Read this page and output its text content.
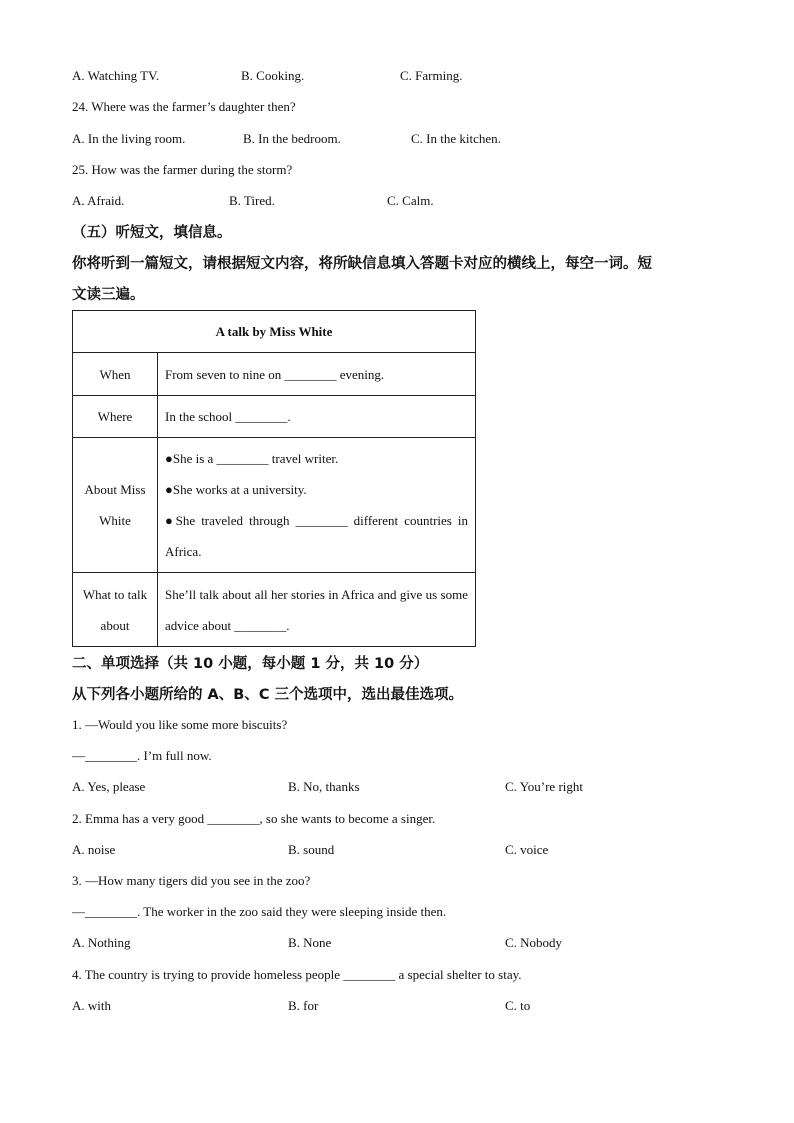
A. Watching TV.	B. Cooking.	C. Farming.
24. Where was the farmer’s daughter then?
A. In the living room.	B. In the bedroom.	C. In the kitchen.
25. How was the farmer during the storm?
A. Afraid.	B. Tired.	C. Calm.
（五）听短文，填信息。
你将听到一篇短文，请根据短文内容，将所缺信息填入答题卡对应的横线上，每空一词。短
文读三遍。
A talk by Miss White	
When	From seven to nine on ________ evening.
Where	In the school ________.
About Miss White	●She is a ________ travel writer.
●She works at a university.
●She traveled through ________ different countries in Africa.

What to talk about	She’ll talk about all her stories in Africa and give us some advice about ________.
二、单项选择（共 10 小题，每小题 1 分，共 10 分）
从下列各小题所给的 A、B、C 三个选项中，选出最佳选项。
1. —Would you like some more biscuits?
—________. I’m full now.
A. Yes, please	B. No, thanks	C. You’re right
2. Emma has a very good ________, so she wants to become a singer.
A. noise	B. sound	C. voice
3. —How many tigers did you see in the zoo?
—________. The worker in the zoo said they were sleeping inside then.
A. Nothing	B. None	C. Nobody
4. The country is trying to provide homeless people ________ a special shelter to stay.
A. with	B. for	C. to
